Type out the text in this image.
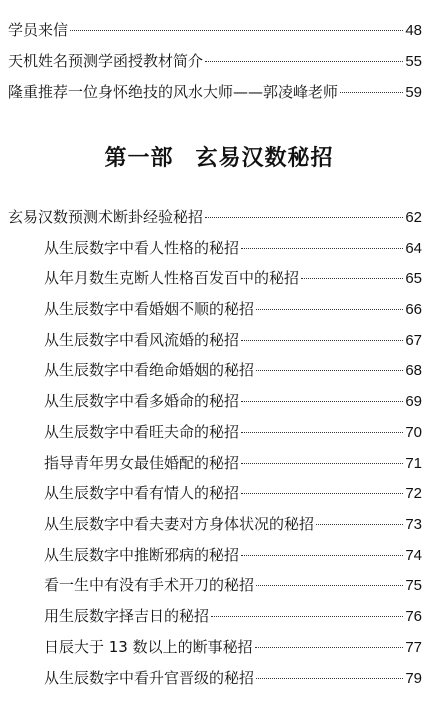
学员来信	48
天机姓名预测学函授教材简介	55
隆重推荐一位身怀绝技的风水大师——郭凌峰老师	59
第一部 玄易汉数秘招
玄易汉数预测术断卦经验秘招	62
从生辰数字中看人性格的秘招	64
从年月数生克断人性格百发百中的秘招	65
从生辰数字中看婚姻不顺的秘招	66
从生辰数字中看风流婚的秘招	67
从生辰数字中看绝命婚姻的秘招	68
从生辰数字中看多婚命的秘招	69
从生辰数字中看旺夫命的秘招	70
指导青年男女最佳婚配的秘招	71
从生辰数字中看有情人的秘招	72
从生辰数字中看夫妻对方身体状况的秘招	73
从生辰数字中推断邪病的秘招	74
看一生中有没有手术开刀的秘招	75
用生辰数字择吉日的秘招	76
日辰大于 13 数以上的断事秘招	77
从生辰数字中看升官晋级的秘招	79
